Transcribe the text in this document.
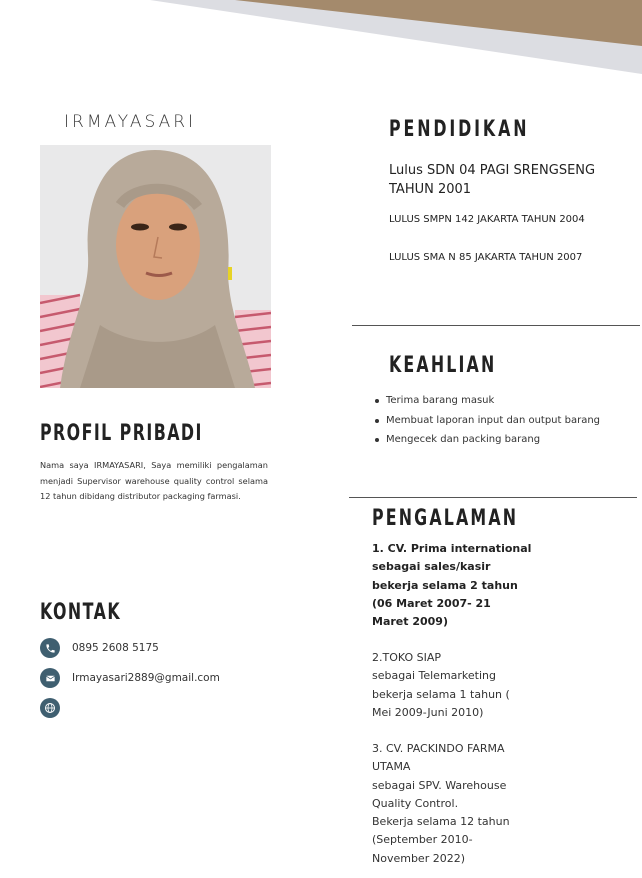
IRMAYASARI
PROFIL PRIBADI
Nama saya IRMAYASARI, Saya memiliki pengalaman menjadi Supervisor warehouse quality control selama 12 tahun dibidang distributor packaging farmasi.
KONTAK
0895 2608 5175
Irmayasari2889@gmail.com
PENDIDIKAN
Lulus SDN 04 PAGI SRENGSENG TAHUN 2001
LULUS SMPN 142 JAKARTA TAHUN 2004
LULUS SMA N 85 JAKARTA TAHUN 2007
KEAHLIAN
Terima barang masuk
Membuat laporan input dan output barang
Mengecek dan packing barang
PENGALAMAN

1. CV. Prima international

sebagai sales/kasir

bekerja selama 2 tahun

(06 Maret 2007- 21

Maret 2009)

2.TOKO SIAP

sebagai Telemarketing

bekerja selama 1 tahun (

Mei 2009-Juni 2010)

3. CV. PACKINDO FARMA

UTAMA

sebagai SPV. Warehouse

Quality Control.

Bekerja selama 12 tahun

(September 2010-

November 2022)
